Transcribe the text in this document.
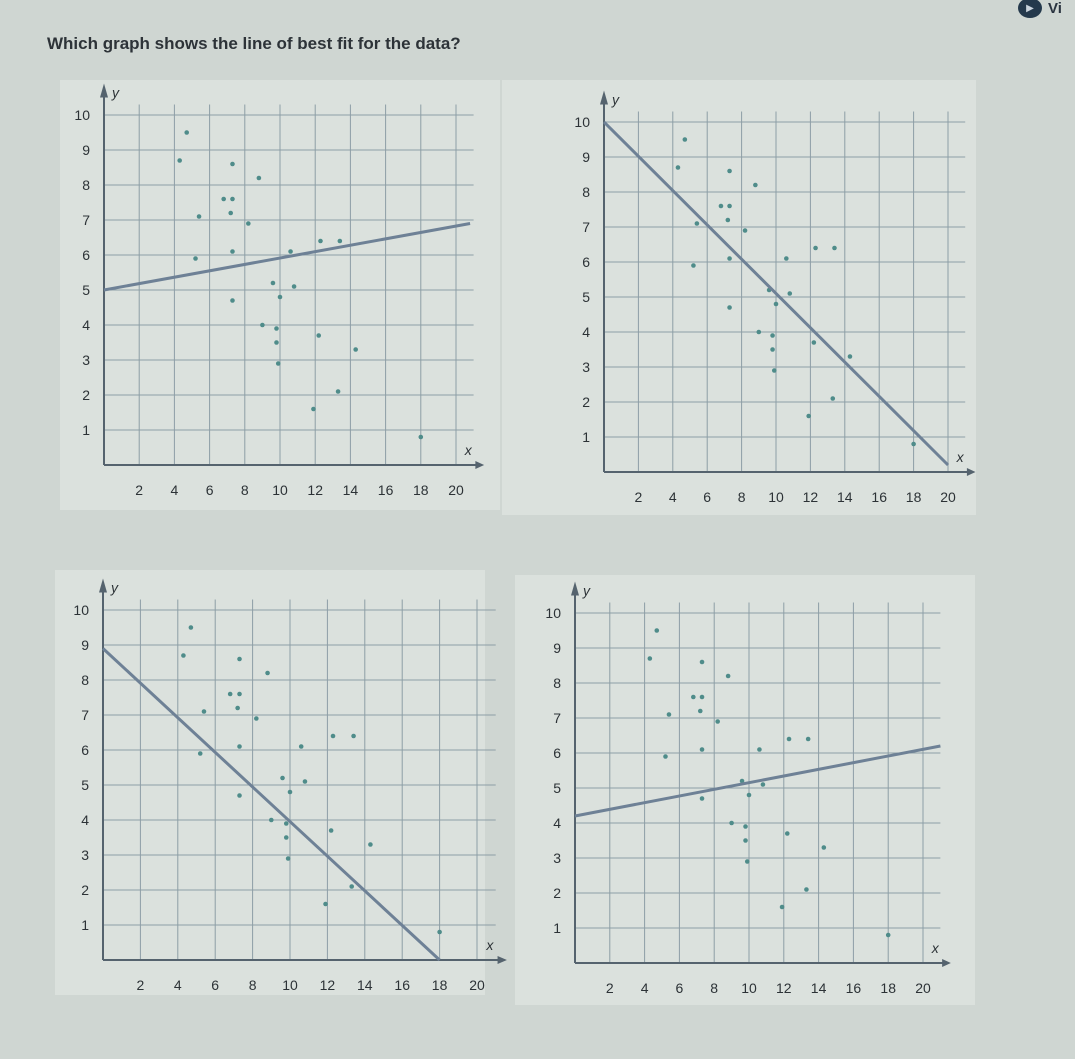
Which graph shows the line of best fit for the data?
▶ Vi
2 4 6 8 10 12 14 16 18 20
1
2
3
4
5
6
7
8
9
10
x
y
2 4 6 8 10 12 14 16 18 20
1
2
3
4
5
6
7
8
9
10
x
y
2 4 6 8 10 12 14 16 18 20
1
2
3
4
5
6
7
8
9
10
x
y
2 4 6 8 10 12 14 16 18 20
1
2
3
4
5
6
7
8
9
10
x
y
